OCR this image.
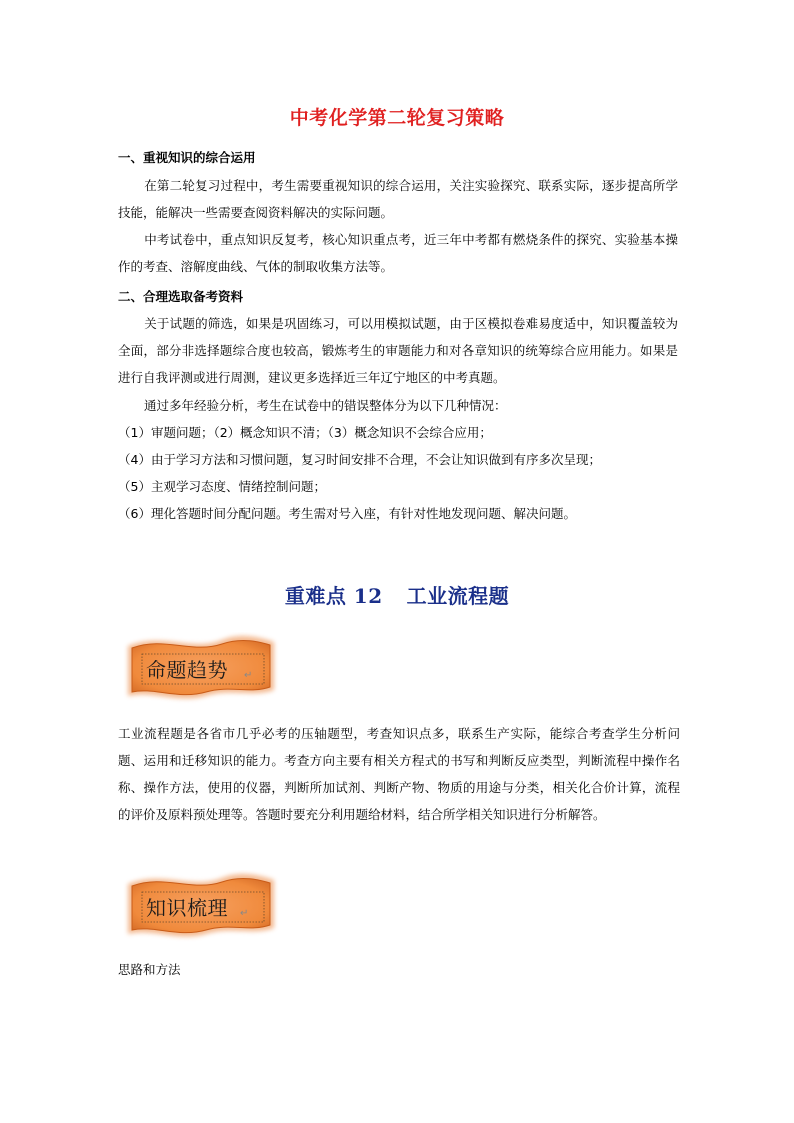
中考化学第二轮复习策略
一、重视知识的综合运用
在第二轮复习过程中，考生需要重视知识的综合运用，关注实验探究、联系实际，逐步提高所学技能，能解决一些需要查阅资料解决的实际问题。
中考试卷中，重点知识反复考，核心知识重点考，近三年中考都有燃烧条件的探究、实验基本操作的考查、溶解度曲线、气体的制取收集方法等。
二、合理选取备考资料
关于试题的筛选，如果是巩固练习，可以用模拟试题，由于区模拟卷难易度适中，知识覆盖较为全面，部分非选择题综合度也较高，锻炼考生的审题能力和对各章知识的统筹综合应用能力。如果是进行自我评测或进行周测，建议更多选择近三年辽宁地区的中考真题。
通过多年经验分析，考生在试卷中的错误整体分为以下几种情况：
（1）审题问题；（2）概念知识不清；（3）概念知识不会综合应用；
（4）由于学习方法和习惯问题，复习时间安排不合理，不会让知识做到有序多次呈现；
（5）主观学习态度、情绪控制问题；
（6）理化答题时间分配问题。考生需对号入座，有针对性地发现问题、解决问题。
重难点 12 工业流程题
命题趋势 ↵
工业流程题是各省市几乎必考的压轴题型，考查知识点多，联系生产实际，能综合考查学生分析问题、运用和迁移知识的能力。考查方向主要有相关方程式的书写和判断反应类型，判断流程中操作名称、操作方法，使用的仪器，判断所加试剂、判断产物、物质的用途与分类，相关化合价计算，流程的评价及原料预处理等。答题时要充分利用题给材料，结合所学相关知识进行分析解答。
知识梳理 ↵
思路和方法
